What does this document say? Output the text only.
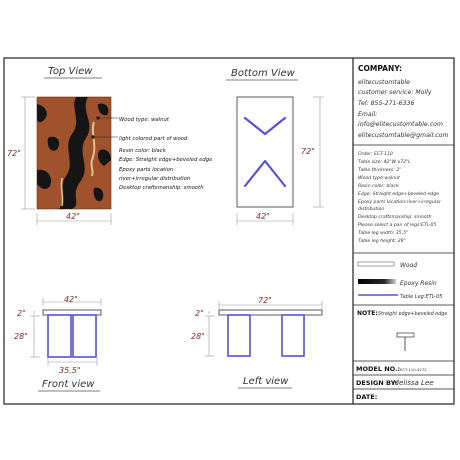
Top View
Wood type: walnut
light colored part of wood
Resin color: black
Edge: Straight edge+beveled edge
Epoxy parts location
river+irregular distribution
Desktop craftsmanship: smooth
42"
72"
Bottom View
42"
72"
42"
2"
28"
35.5"
Front view
72"
2"
28"
Left view
COMPANY:
elitecustomtable
customer service: Molly
Tel: 855-271-6336
Email:
info@elitecustomtable.com
elitecustomtable@gmail.com
Order: ECT-110
Table size: 42"W x72"L
Table thickness: 2"
Wood type:walnut
Resin color: black
Edge: Straight edge+beveled edge
Epoxy parts location:river+irregular
distribution
Desktop craftsmanship: smooth
Please select a pair of legs:ETL-05
Table leg width: 35.5"
Table leg height: 28"
Wood
Epoxy Resin
Table Leg:ETL-05
NOTE: Straight edge+beveled edge
MODEL NO.: ECT-110-4272
DESIGN BY:
Melissa Lee
DATE:
